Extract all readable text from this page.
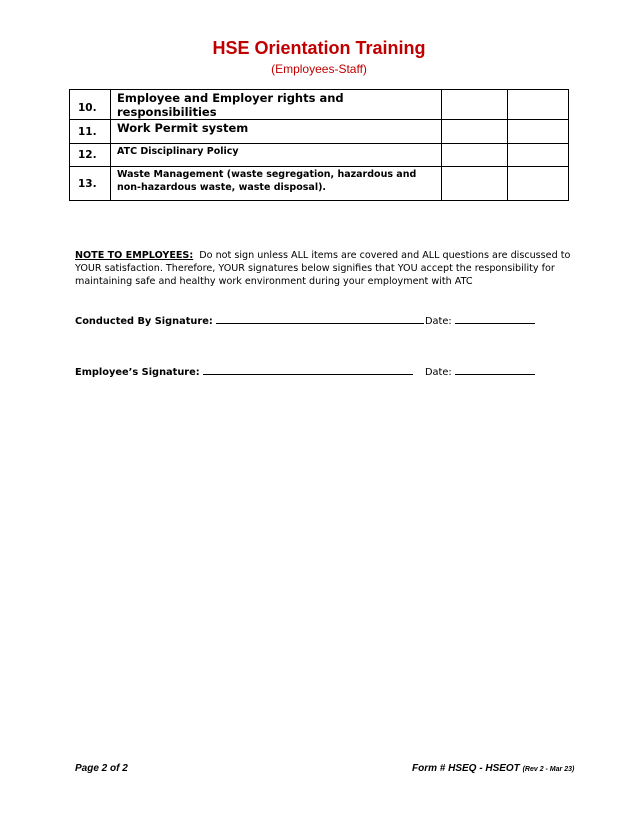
HSE Orientation Training
(Employees-Staff)
10.	Employee and Employer rights and responsibilities		
11.	Work Permit system		
12.	ATC Disciplinary Policy		
13.	Waste Management (waste segregation, hazardous and non-hazardous waste, waste disposal).		
NOTE TO EMPLOYEES: Do not sign unless ALL items are covered and ALL questions are discussed to YOUR satisfaction. Therefore, YOUR signatures below signifies that YOU accept the responsibility for maintaining safe and healthy work environment during your employment with ATC
Conducted By Signature:	Date:
Employee’s Signature:	Date:
Page 2 of 2	Form # HSEQ - HSEOT (Rev 2 - Mar 23)
